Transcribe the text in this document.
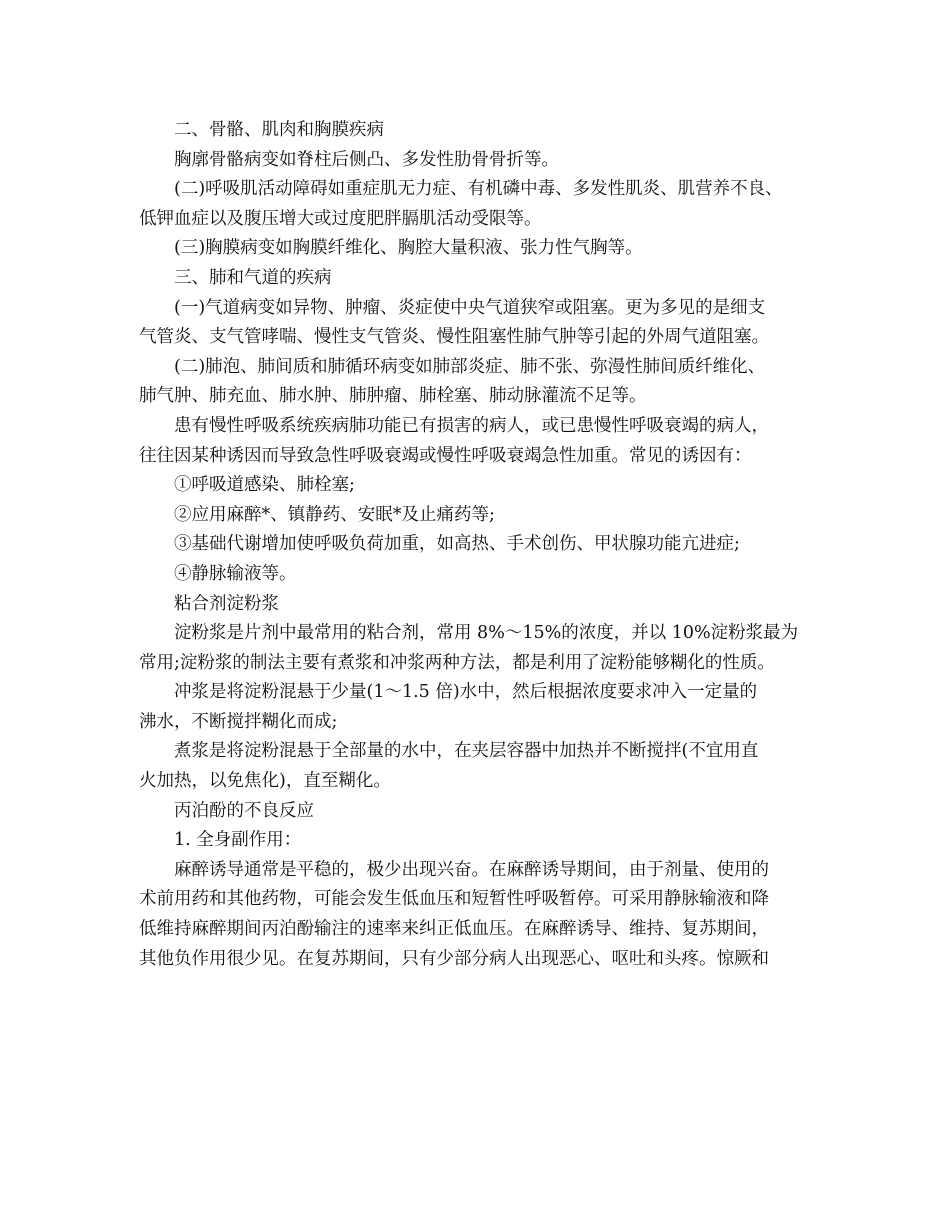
二、骨骼、肌肉和胸膜疾病
胸廓骨骼病变如脊柱后侧凸、多发性肋骨骨折等。
(二)呼吸肌活动障碍如重症肌无力症、有机磷中毒、多发性肌炎、肌营养不良、
低钾血症以及腹压增大或过度肥胖膈肌活动受限等。
(三)胸膜病变如胸膜纤维化、胸腔大量积液、张力性气胸等。
三、肺和气道的疾病
(一)气道病变如异物、肿瘤、炎症使中央气道狭窄或阻塞。更为多见的是细支
气管炎、支气管哮喘、慢性支气管炎、慢性阻塞性肺气肿等引起的外周气道阻塞。
(二)肺泡、肺间质和肺循环病变如肺部炎症、肺不张、弥漫性肺间质纤维化、
肺气肿、肺充血、肺水肿、肺肿瘤、肺栓塞、肺动脉灌流不足等。
患有慢性呼吸系统疾病肺功能已有损害的病人，或已患慢性呼吸衰竭的病人，
往往因某种诱因而导致急性呼吸衰竭或慢性呼吸衰竭急性加重。常见的诱因有：
①呼吸道感染、肺栓塞;
②应用麻醉*、镇静药、安眠*及止痛药等;
③基础代谢增加使呼吸负荷加重，如高热、手术创伤、甲状腺功能亢进症;
④静脉输液等。
粘合剂淀粉浆
淀粉浆是片剂中最常用的粘合剂，常用 8%～15%的浓度，并以 10%淀粉浆最为
常用;淀粉浆的制法主要有煮浆和冲浆两种方法，都是利用了淀粉能够糊化的性质。
冲浆是将淀粉混悬于少量(1～1.5 倍)水中，然后根据浓度要求冲入一定量的
沸水，不断搅拌糊化而成;
煮浆是将淀粉混悬于全部量的水中，在夹层容器中加热并不断搅拌(不宜用直
火加热，以免焦化)，直至糊化。
丙泊酚的不良反应
1. 全身副作用：
麻醉诱导通常是平稳的，极少出现兴奋。在麻醉诱导期间，由于剂量、使用的
术前用药和其他药物，可能会发生低血压和短暂性呼吸暂停。可采用静脉输液和降
低维持麻醉期间丙泊酚输注的速率来纠正低血压。在麻醉诱导、维持、复苏期间，
其他负作用很少见。在复苏期间，只有少部分病人出现恶心、呕吐和头疼。惊厥和
